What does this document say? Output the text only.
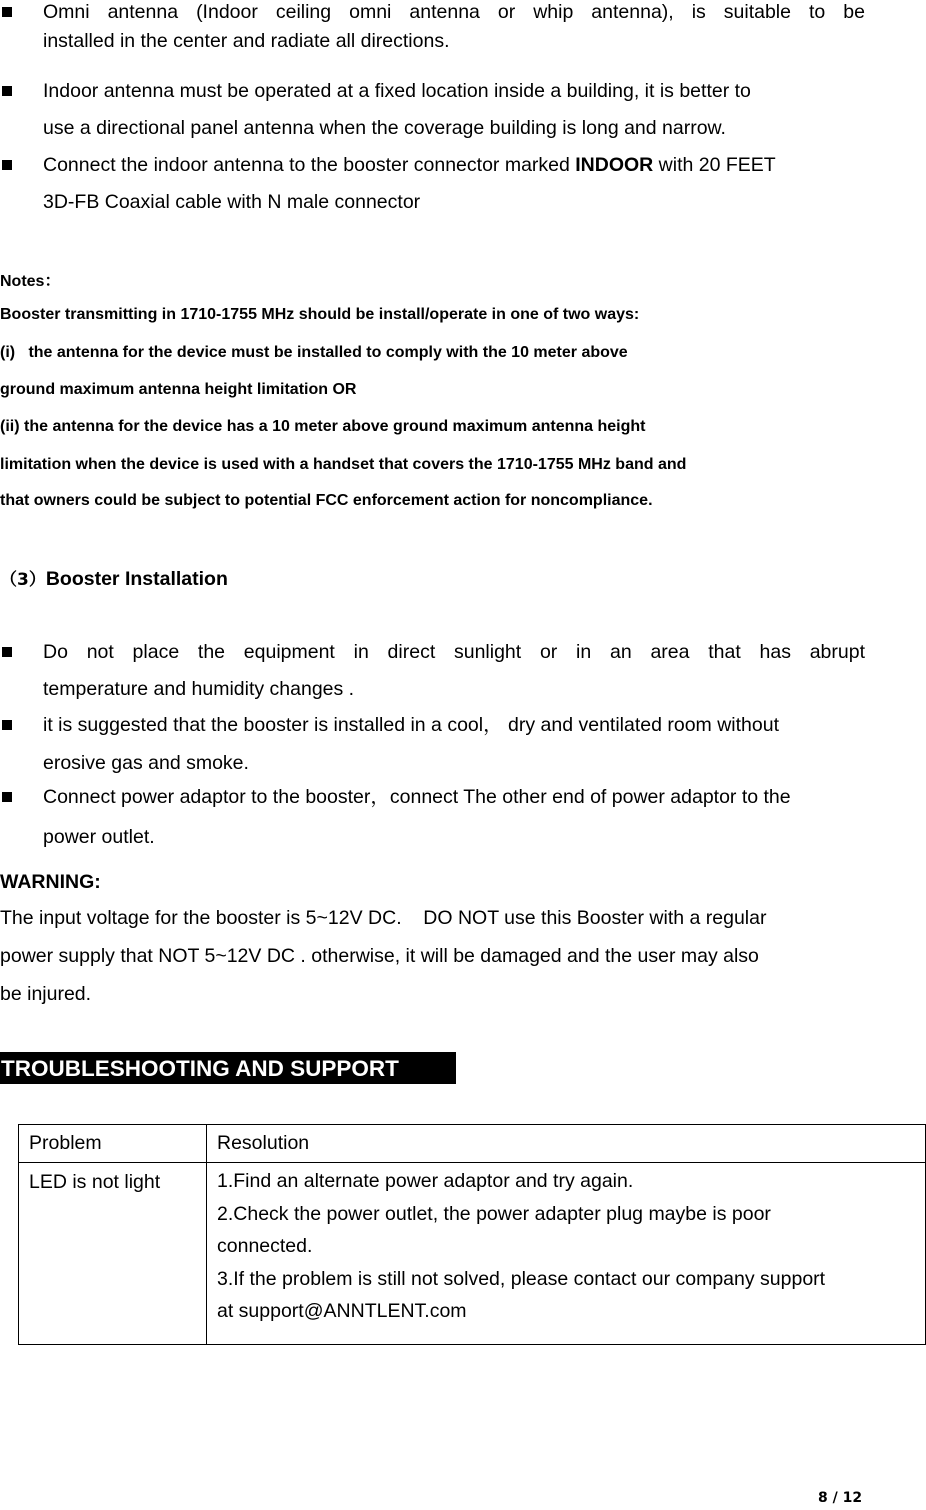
Omni antenna (Indoor ceiling omni antenna or whip antenna), is suitable to be
installed in the center and radiate all directions.
Indoor antenna must be operated at a fixed location inside a building, it is better to
use a directional panel antenna when the coverage building is long and narrow.
Connect the indoor antenna to the booster connector marked INDOOR with 20 FEET
3D-FB Coaxial cable with N male connector
Notes：
Booster transmitting in 1710-1755 MHz should be install/operate in one of two ways:
(i)   the antenna for the device must be installed to comply with the 10 meter above
ground maximum antenna height limitation OR
(ii) the antenna for the device has a 10 meter above ground maximum antenna height
limitation when the device is used with a handset that covers the 1710-1755 MHz band and
that owners could be subject to potential FCC enforcement action for noncompliance.
（3）Booster Installation
Do not place the equipment in direct sunlight or in an area that has abrupt
temperature and humidity changes .
it is suggested that the booster is installed in a cool， dry and ventilated room without
erosive gas and smoke.
Connect power adaptor to the booster，connect The other end of power adaptor to the
power outlet.
WARNING:
The input voltage for the booster is 5~12V DC.    DO NOT use this Booster with a regular
power supply that NOT 5~12V DC . otherwise, it will be damaged and the user may also
be injured.
TROUBLESHOOTING AND SUPPORT
Problem	Resolution
LED is not light	1.Find an alternate power adaptor and try again.
2.Check the power outlet, the power adapter plug maybe is poor
connected.
3.If the problem is still not solved, please contact our company support
at support@ANNTLENT.com
8 / 12
